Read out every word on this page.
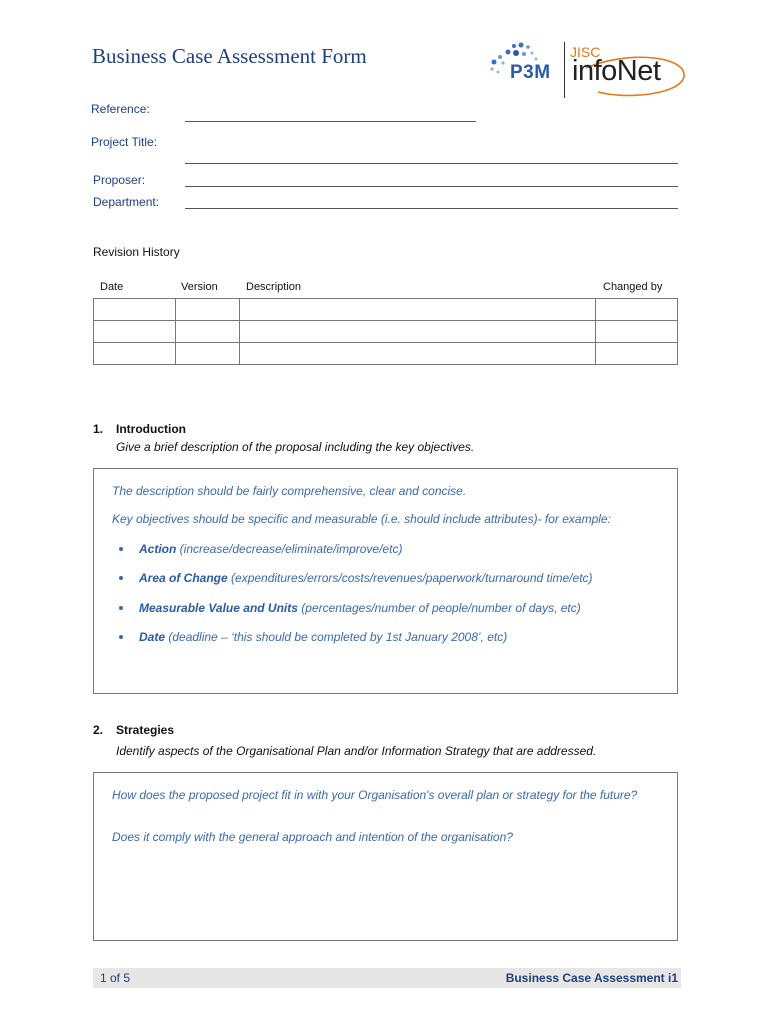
Business Case Assessment Form
P3M
JISC
infoNet
Reference:
Project Title:
Proposer:
Department:
Revision History
Date	Version	Description	Changed by

1. Introduction
Give a brief description of the proposal including the key objectives.
The description should be fairly comprehensive, clear and concise.
Key objectives should be specific and measurable (i.e. should include attributes)- for example:
Action (increase/decrease/eliminate/improve/etc)
Area of Change (expenditures/errors/costs/revenues/paperwork/turnaround time/etc)
Measurable Value and Units (percentages/number of people/number of days, etc)
Date (deadline – ‘this should be completed by 1st January 2008’, etc)
2. Strategies
Identify aspects of the Organisational Plan and/or Information Strategy that are addressed.
How does the proposed project fit in with your Organisation's overall plan or strategy for the future?
Does it comply with the general approach and intention of the organisation?
1 of 5	Business Case Assessment i1
